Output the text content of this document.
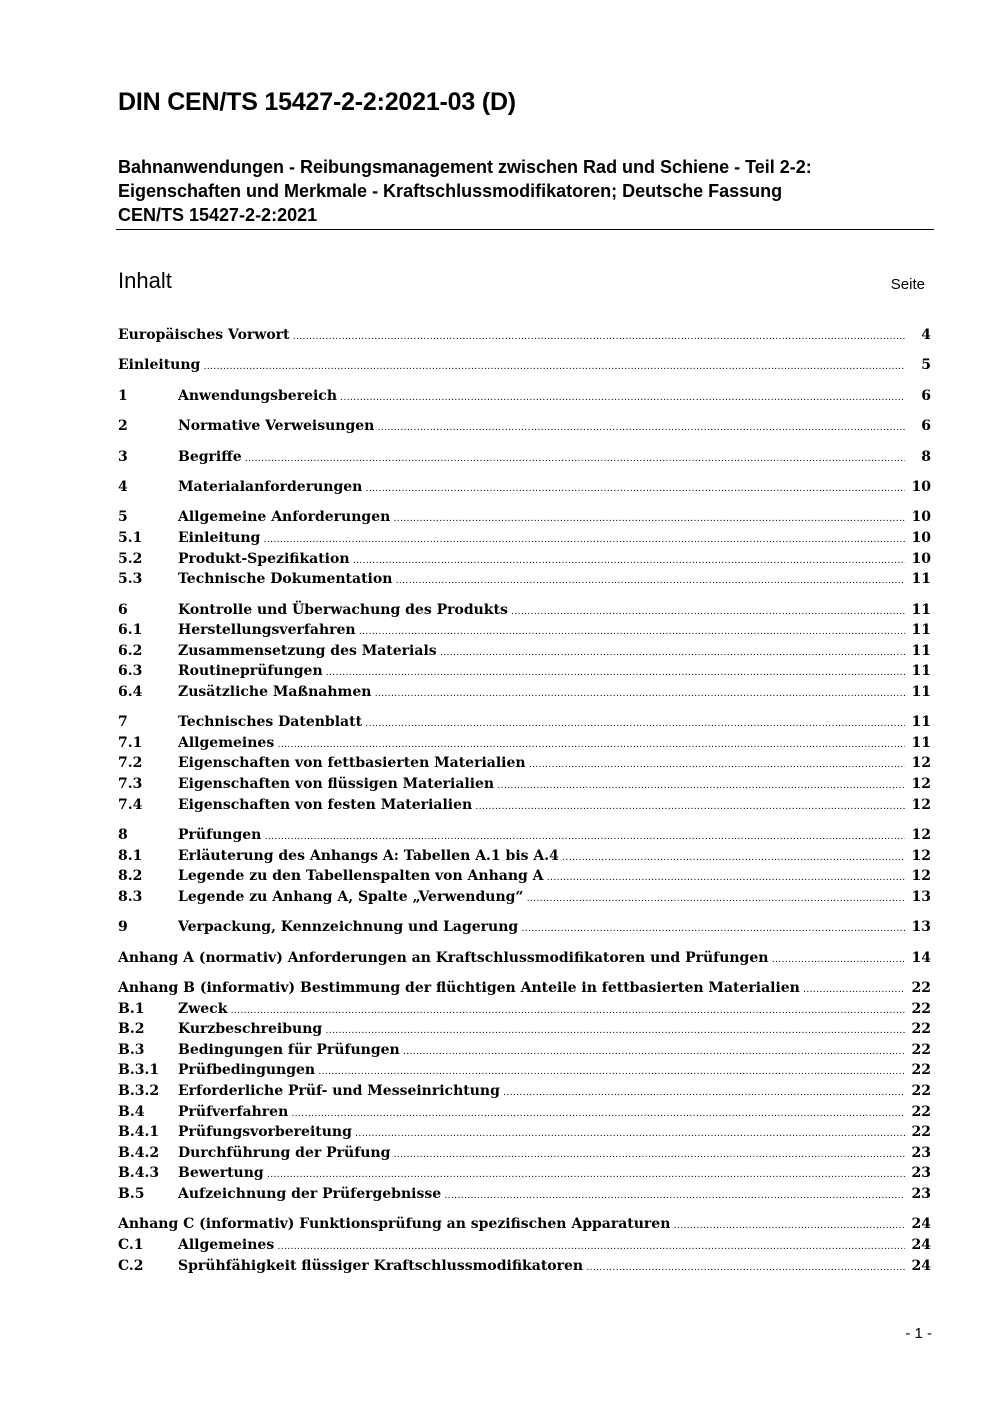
DIN CEN/TS 15427-2-2:2021-03 (D)
Bahnanwendungen - Reibungsmanagement zwischen Rad und Schiene - Teil 2-2:
Eigenschaften und Merkmale - Kraftschlussmodifikatoren; Deutsche Fassung
CEN/TS 15427-2-2:2021
Inhalt	Seite
Europäisches Vorwort .....	4
Einleitung .....	5
1	Anwendungsbereich .....	6
2	Normative Verweisungen .....	6
3	Begriffe .....	8
4	Materialanforderungen .....	10
5	Allgemeine Anforderungen .....	10
5.1	Einleitung .....	10
5.2	Produkt-Spezifikation .....	10
5.3	Technische Dokumentation .....	11
6	Kontrolle und Überwachung des Produkts .....	11
6.1	Herstellungsverfahren .....	11
6.2	Zusammensetzung des Materials .....	11
6.3	Routineprüfungen .....	11
6.4	Zusätzliche Maßnahmen .....	11
7	Technisches Datenblatt .....	11
7.1	Allgemeines .....	11
7.2	Eigenschaften von fettbasierten Materialien .....	12
7.3	Eigenschaften von flüssigen Materialien .....	12
7.4	Eigenschaften von festen Materialien .....	12
8	Prüfungen .....	12
8.1	Erläuterung des Anhangs A: Tabellen A.1 bis A.4 .....	12
8.2	Legende zu den Tabellenspalten von Anhang A .....	12
8.3	Legende zu Anhang A, Spalte „Verwendung“ .....	13
9	Verpackung, Kennzeichnung und Lagerung .....	13
Anhang A (normativ) Anforderungen an Kraftschlussmodifikatoren und Prüfungen .....	14
Anhang B (informativ) Bestimmung der flüchtigen Anteile in fettbasierten Materialien .....	22
B.1 Zweck .....	22
B.2 Kurzbeschreibung .....	22
B.3 Bedingungen für Prüfungen .....	22
B.3.1 Prüfbedingungen .....	22
B.3.2 Erforderliche Prüf- und Messeinrichtung .....	22
B.4 Prüfverfahren .....	22
B.4.1 Prüfungsvorbereitung .....	22
B.4.2 Durchführung der Prüfung .....	23
B.4.3 Bewertung .....	23
B.5 Aufzeichnung der Prüfergebnisse .....	23
Anhang C (informativ) Funktionsprüfung an spezifischen Apparaturen .....	24
C.1 Allgemeines .....	24
C.2 Sprühfähigkeit flüssiger Kraftschlussmodifikatoren .....	24
- 1 -
